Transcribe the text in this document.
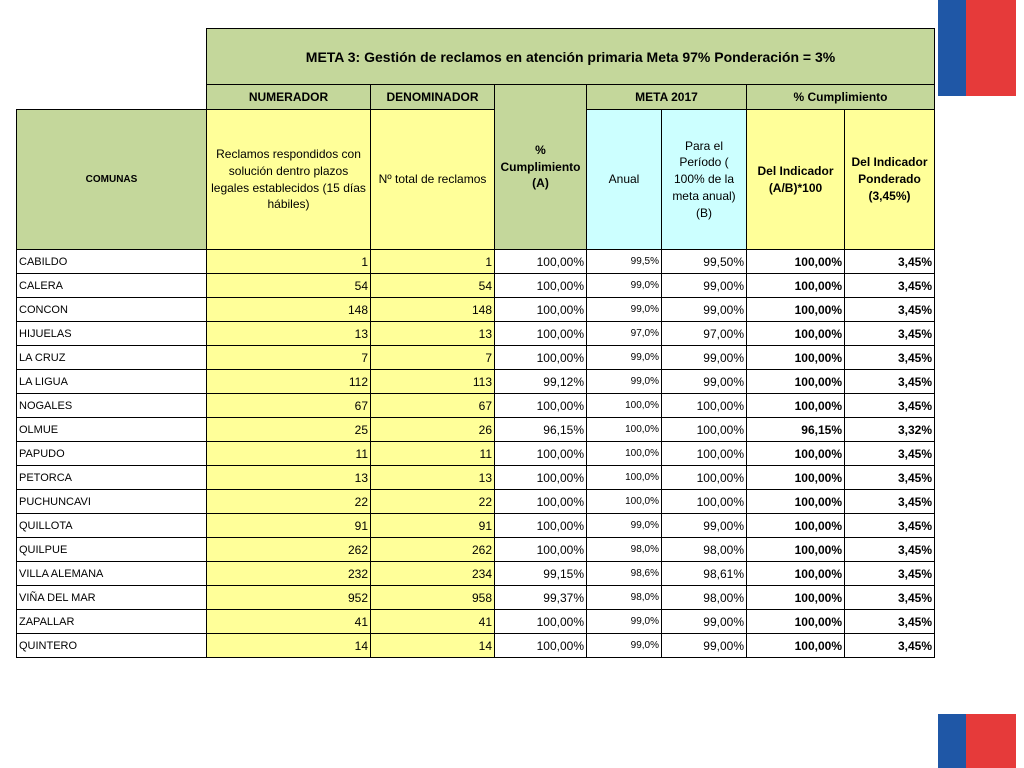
	META 3: Gestión de reclamos en atención primaria Meta 97% Ponderación = 3%						
	NUMERADOR	DENOMINADOR	% Cumplimiento (A)	META 2017		% Cumplimiento	
COMUNAS	Reclamos respondidos con solución dentro plazos legales establecidos (15 días hábiles)	Nº total de reclamos		Anual	Para el Período ( 100% de la meta anual) (B)	Del Indicador (A/B)*100	Del Indicador Ponderado (3,45%)
CABILDO	1	1	100,00%	99,5%	99,50%	100,00%	3,45%
CALERA	54	54	100,00%	99,0%	99,00%	100,00%	3,45%
CONCON	148	148	100,00%	99,0%	99,00%	100,00%	3,45%
HIJUELAS	13	13	100,00%	97,0%	97,00%	100,00%	3,45%
LA CRUZ	7	7	100,00%	99,0%	99,00%	100,00%	3,45%
LA LIGUA	112	113	99,12%	99,0%	99,00%	100,00%	3,45%
NOGALES	67	67	100,00%	100,0%	100,00%	100,00%	3,45%
OLMUE	25	26	96,15%	100,0%	100,00%	96,15%	3,32%
PAPUDO	11	11	100,00%	100,0%	100,00%	100,00%	3,45%
PETORCA	13	13	100,00%	100,0%	100,00%	100,00%	3,45%
PUCHUNCAVI	22	22	100,00%	100,0%	100,00%	100,00%	3,45%
QUILLOTA	91	91	100,00%	99,0%	99,00%	100,00%	3,45%
QUILPUE	262	262	100,00%	98,0%	98,00%	100,00%	3,45%
VILLA ALEMANA	232	234	99,15%	98,6%	98,61%	100,00%	3,45%
VIÑA DEL MAR	952	958	99,37%	98,0%	98,00%	100,00%	3,45%
ZAPALLAR	41	41	100,00%	99,0%	99,00%	100,00%	3,45%
QUINTERO	14	14	100,00%	99,0%	99,00%	100,00%	3,45%
